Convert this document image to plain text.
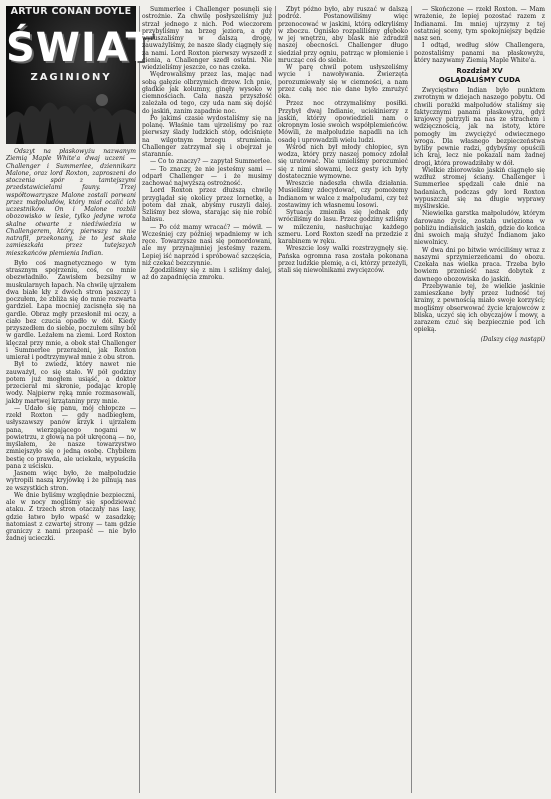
ARTUR CONAN DOYLE
ŚWIAT
ZAGINIONY

Odszyt na płaskowyżu nazwanym Ziemią Maple White'a dwaj uczeni — Challenger i Summerlee, dziennikarz Malone, oraz lord Roxton, zaproszeni do stoczenia spór z tamtejszymi przedstawicielami fauny. Trzej współtowarzysze Malone zostali porwani przez małpoludów, który miał ocalić ich uczestników. On i Malone rozbili obozowisko w lesie, tylko jedyne wrota skalne otwarte z niedźwiedzia w Challengerem, który, pierwszy na nie natrafił, przekonany, że to jest skała zamieszkała przez tutejszych mieszkańców plemienia Indian.

Było coś magnetycznego w tym strasznym spojrzeniu, coś, co mnie obezwładniło. Zawisłem bezsilny w muskularnych łapach. Na chwilę ujrzałem dwa białe kły z dwóch stron paszczy i poczułem, że zbliża się do mnie rozwarta gardziel. Łapa mocniej zacisnęła się na gardle. Obraz mgły przesłonił mi oczy, a ciało bez czucia opadło w dół. Kiedy przyszedłem do siebie, poczułem silny ból w gardle. Leżałem na ziemi. Lord Roxton klęczał przy mnie, a obok stał Challenger i Summerlee przerażeni, jak Roxton umierał i podtrzymywał mnie z obu stron.

Był to zwiedz, który nawet nie zauważył, co się stało. W pół godziny potem już mogłem usiąść, a doktor przecierał mi skronie, podając kroplę wody. Najpierw ręką mnie rozmasowali, jakby martwej krzątaniny przy mnie.

— Udało się panu, mój chłopcze — rzekł Roxton — gdy nadbiegłem, usłyszawszy panów krzyk i ujrzałem pana, wierzgającego nogami w powietrzu, z głową na pół ukręconą — no, myślałem, że nasze towarzystwo zmniejszyło się o jedną osobę. Chybiłem bestię co prawda, ale uciekała, wypuściła pana z uścisku.

Jasnem więc było, że małpoludzie wytropili naszą kryjówkę i że pilnują nas ze wszystkich stron.

We dnie byliśmy względnie bezpieczni, ale w nocy mogliśmy się spodziewać ataku. Z trzech stron otaczały nas lasy, gdzie łatwo było wpaść w zasadzkę; natomiast z czwartej strony — tam gdzie graniczy z nami przepaść — nie było żadnej ucieczki.

Summerlee i Challenger posunęli się ostrożnie. Za chwilę posłyszeliśmy już strzał jednego z nich. Pod wieczorem przybyliśmy na brzeg jeziora, a gdy wyruszaliśmy w dalszą drogę, zauważyliśmy, że nasze ślady ciągnęły się za nami. Lord Roxton pierwszy wyszedł z cienia, a Challenger szedł ostatni. Nie wiedzieliśmy jeszcze, co nas czeka.

Wędrowaliśmy przez las, mając nad sobą gałęzie olbrzymich drzew. Ich pnie, gładkie jak kolumny, ginęły wysoko w ciemnościach. Cała nasza przyszłość zależała od tego, czy uda nam się dojść do jaskiń, zanim zapadnie noc.

Po jakimś czasie wydostaliśmy się na polanę. Właśnie tam ujrzeliśmy po raz pierwszy ślady ludzkich stóp, odciśnięte na wilgotnym brzegu strumienia. Challenger zatrzymał się i obejrzał je starannie.

— Co to znaczy? — zapytał Summerlee.

— To znaczy, że nie jesteśmy sami — odparł Challenger — i że musimy zachować najwyższą ostrożność.

Lord Roxton przez dłuższą chwilę przyglądał się okolicy przez lornetkę, a potem dał znak, abyśmy ruszyli dalej. Szliśmy bez słowa, starając się nie robić hałasu.

— Po cóż mamy wracać? — mówił. — Wcześniej czy później wpadniemy w ich ręce. Towarzysze nasi się pomordowani, ale my przynajmniej jesteśmy razem. Lepiej iść naprzód i spróbować szczęścia, niż czekać bezczynnie.

Zgodziliśmy się z nim i szliśmy dalej, aż do zapadnięcia zmroku.

Zbyt późno było, aby ruszać w dalszą podróż. Postanowiliśmy więc przenocować w jaskini, którą odkryliśmy w zboczu. Ognisko rozpaliliśmy głęboko w jej wnętrzu, aby blask nie zdradził naszej obecności. Challenger długo siedział przy ogniu, patrząc w płomienie i mrucząc coś do siebie.

W parę chwil potem usłyszeliśmy wycie i nawoływania. Zwierzęta porozumiewały się w ciemności, a nam przez całą noc nie dane było zmrużyć oka.

Przez noc otrzymaliśmy posiłki. Przybył dwaj Indianie, uciekinierzy z jaskiń, którzy opowiedzieli nam o okropnym losie swoich współplemieńców. Mówili, że małpoludzie napadli na ich osadę i uprowadzili wielu ludzi.

Wśród nich był młody chłopiec, syn wodza, który przy naszej pomocy zdołał się uratować. Nie umieliśmy porozumieć się z nimi słowami, lecz gesty ich były dostatecznie wymowne.

Wreszcie nadeszła chwila działania. Musieliśmy zdecydować, czy pomożemy Indianom w walce z małpoludami, czy też zostawimy ich własnemu losowi.

Sytuacja zmieniła się jednak gdy wróciliśmy do lasu. Przez godziny szliśmy w milczeniu, nasłuchując każdego szmeru. Lord Roxton szedł na przedzie z karabinem w ręku.

Wreszcie losy walki rozstrzygnęły się. Pańska ogromna rasa została pokonana przez ludzkie plemię, a ci, którzy przeżyli, stali się niewolnikami zwycięzców.

— Skończone — rzekł Roxton. — Mam wrażenie, że lepiej pozostać razem z Indianami. Im mniej ujrzymy z tej ostatniej sceny, tym spokojniejszy będzie nasz sen.

I odtąd, według słów Challengera, pozostaliśmy panami na płaskowyżu, który nazywamy Ziemią Maple White'a.

Rozdział XV
OGLĄDALIŚMY CUDA

Zwycięstwo Indian było punktem zwrotnym w dziejach naszego pobytu. Od chwili porażki małpoludów staliśmy się faktycznymi panami płaskowyżu, gdyż krajowcy patrzyli na nas ze strachem i wdzięcznością, jak na istoty, które pomogły im zwyciężyć odwiecznego wroga. Dla własnego bezpieczeństwa byliby pewnie radzi, gdybyśmy opuścili ich kraj, lecz nie pokazali nam żadnej drogi, która prowadziłaby w dół.

Wielkie zbiorowisko jaskiń ciągnęło się wzdłuż stromej ściany. Challenger i Summerlee spędzali całe dnie na badaniach, podczas gdy lord Roxton wypuszczał się na długie wyprawy myśliwskie.

Niewielka garstka małpoludów, którym darowano życie, została uwięziona w pobliżu indiańskich jaskiń, gdzie do końca dni swoich mają służyć Indianom jako niewolnicy.

W dwa dni po bitwie wróciliśmy wraz z naszymi sprzymierzeńcami do obozu. Czekała nas wielka praca. Trzeba było bowiem przenieść nasz dobytek z dawnego obozowiska do jaskiń.

Przebywanie tej, że wielkie jaskinie zamieszkane były przez ludność tej krainy, z pewnością miało swoje korzyści; mogliśmy obserwować życie krajowców z bliska, uczyć się ich obyczajów i mowy, a zarazem czuć się bezpiecznie pod ich opieką.

(Dalszy ciąg nastąpi)
